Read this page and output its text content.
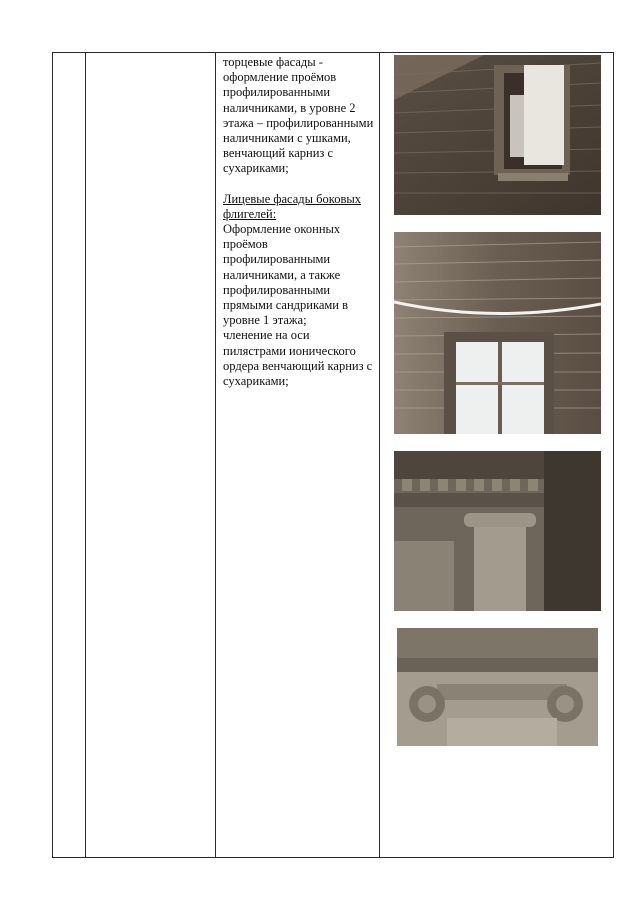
торцевые фасады - оформление проёмов профилированными наличниками, в уровне 2 этажа – профилированными наличниками с ушками, венчающий карниз с сухариками;

Лицевые фасады боковых флигелей:

Оформление оконных проёмов профилированными наличниками, а также профилированными прямыми сандриками в уровне 1 этажа;

членение на оси пилястрами ионического ордера венчающий карниз с сухариками;
